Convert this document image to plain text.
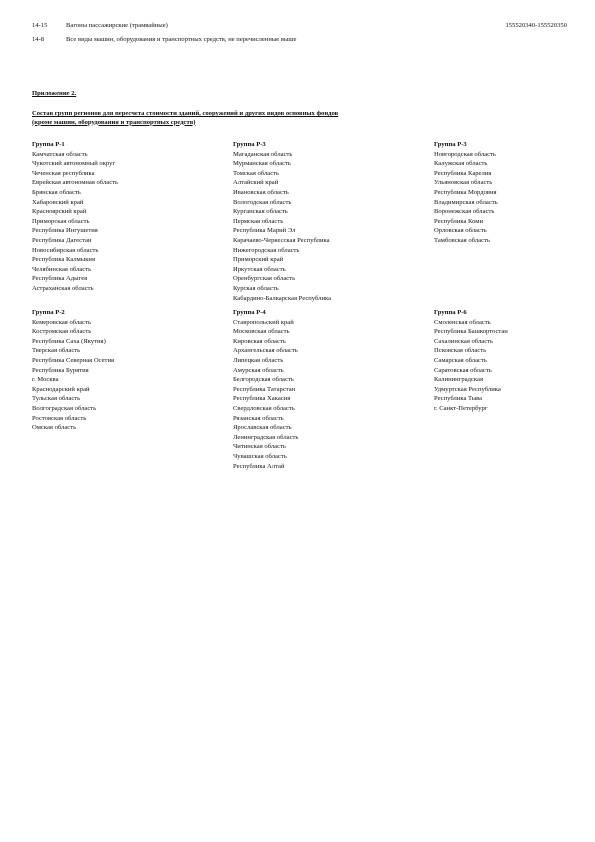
14-15	Вагоны пассажирские (трамвайные)	155520340-155520350
14-8	Все виды машин, оборудования и транспортных средств, не перечисленные выше
Приложение 2.
Состав групп регионов для пересчета стоимости зданий, сооружений и других видов основных фондов (кроме машин, оборудования и транспортных средств)
Группа Р-1
Камчатская область
Чукотский автономный округ
Чеченская республика
Еврейская автономная область
Брянская область
Хабаровский край
Красноярский край
Приморская область
Республика Ингушетия
Республика Дагестан
Новосибирская область
Республика Калмыкия
Челябинская область
Республика Адыгея
Астраханская область
Группа Р-3
Магаданская область
Мурманская область
Томская область
Алтайский край
Ивановская область
Вологодская область
Курганская область
Пермская область
Республика Марий Эл
Карачаево-Черкесская Республика
Нижегородская область
Приморский край
Иркутская область
Оренбургская область
Курская область
Кабардино-Балкарская Республика
Группа Р-3
Новгородская область
Калужская область
Республика Карелия
Ульяновская область
Республика Мордовия
Владимирская область
Воронежская область
Республика Коми
Орловская область
Тамбовская область
Группа Р-2
Кемеровская область
Костромская область
Республика Саха (Якутия)
Тверская область
Республика Северная Осетия
Республика Бурятия
г. Москва
Краснодарский край
Тульская область
Волгоградская область
Ростовская область
Омская область
Группа Р-4
Ставропольский край
Московская область
Кировская область
Архангельская область
Липецкая область
Амурская область
Белгородская область
Республика Татарстан
Республика Хакасия
Свердловская область
Рязанская область
Ярославская область
Ленинградская область
Читинская область
Чувашская область
Республика Алтай
Группа Р-6
Смоленская область
Республика Башкортостан
Сахалинская область
Псковская область
Самарская область
Саратовская область
Калининградская
Удмуртская Республика
Республика Тыва
г. Санкт-Петербург
